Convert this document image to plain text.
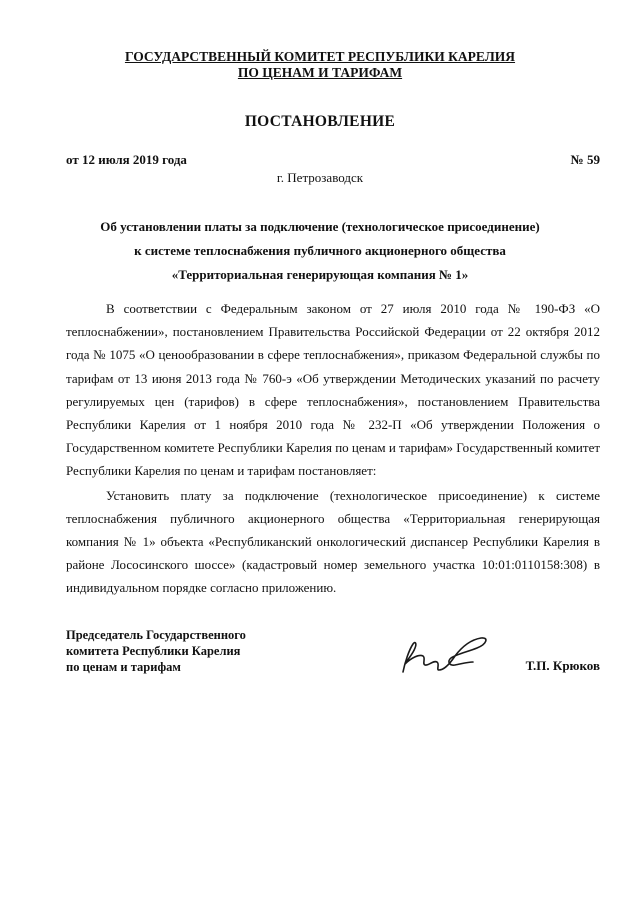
ГОСУДАРСТВЕННЫЙ КОМИТЕТ РЕСПУБЛИКИ КАРЕЛИЯ
ПО ЦЕНАМ И ТАРИФАМ
ПОСТАНОВЛЕНИЕ
от 12 июля 2019 года	№ 59
г. Петрозаводск
Об установлении платы за подключение (технологическое присоединение)
к системе теплоснабжения публичного акционерного общества
«Территориальная генерирующая компания № 1»

В соответствии с Федеральным законом от 27 июля 2010 года № 190-ФЗ «О теплоснабжении», постановлением Правительства Российской Федерации от 22 октября 2012 года № 1075 «О ценообразовании в сфере теплоснабжения», приказом Федеральной службы по тарифам от 13 июня 2013 года № 760-э «Об утверждении Методических указаний по расчету регулируемых цен (тарифов) в сфере теплоснабжения», постановлением Правительства Республики Карелия от 1 ноября 2010 года № 232-П «Об утверждении Положения о Государственном комитете Республики Карелия по ценам и тарифам» Государственный комитет Республики Карелия по ценам и тарифам постановляет:

Установить плату за подключение (технологическое присоединение) к системе теплоснабжения публичного акционерного общества «Территориальная генерирующая компания № 1» объекта «Республиканский онкологический диспансер Республики Карелия в районе Лососинского шоссе» (кадастровый номер земельного участка 10:01:0110158:308) в индивидуальном порядке согласно приложению.

Председатель Государственного
комитета Республики Карелия
по ценам и тарифам	Т.П. Крюков
